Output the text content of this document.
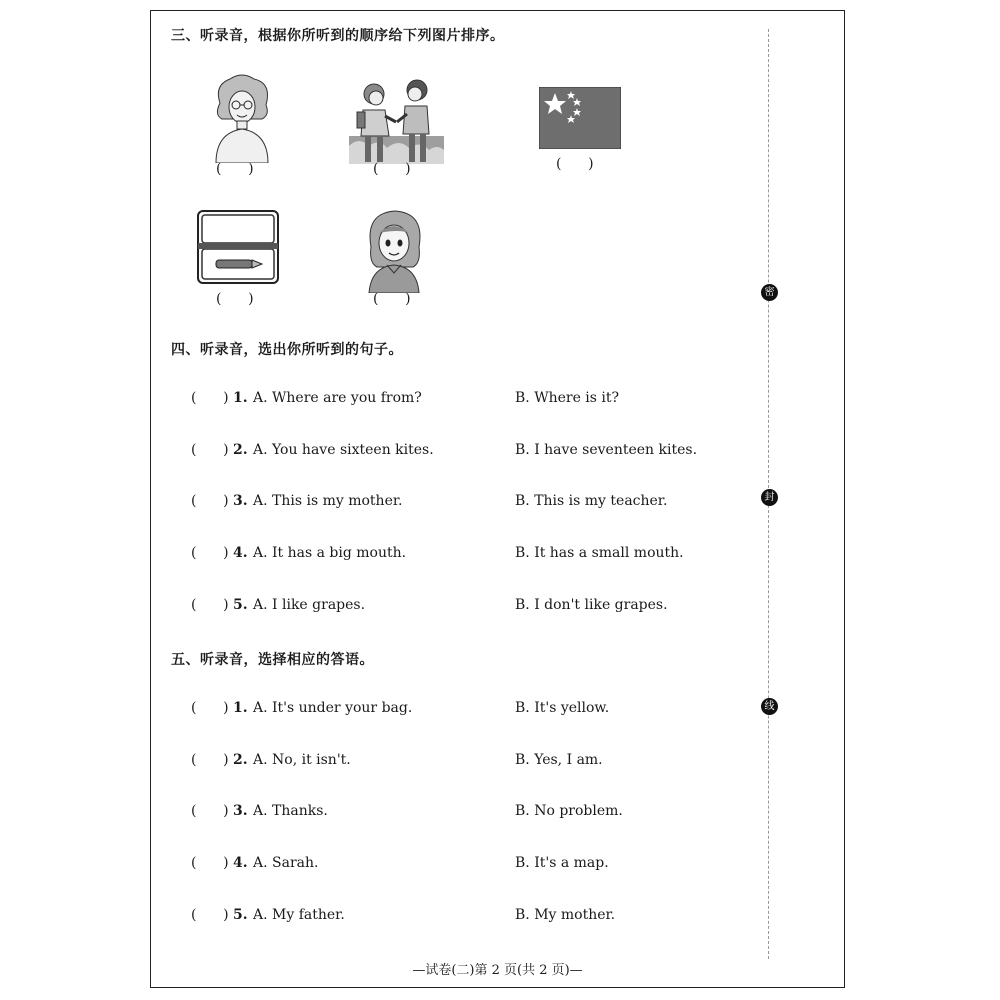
三、听录音，根据你所听到的顺序给下列图片排序。
(      )	(      )	(      )
(      )	(      )
四、听录音，选出你所听到的句子。
(      ) 1. A. Where are you from?	B. Where is it?
(      ) 2. A. You have sixteen kites.	B. I have seventeen kites.
(      ) 3. A. This is my mother.	B. This is my teacher.
(      ) 4. A. It has a big mouth.	B. It has a small mouth.
(      ) 5. A. I like grapes.	B. I don't like grapes.
五、听录音，选择相应的答语。
(      ) 1. A. It's under your bag.	B. It's yellow.
(      ) 2. A. No, it isn't.	B. Yes, I am.
(      ) 3. A. Thanks.	B. No problem.
(      ) 4. A. Sarah.	B. It's a map.
(      ) 5. A. My father.	B. My mother.
密
封
线
—试卷(二)第 2 页(共 2 页)—
